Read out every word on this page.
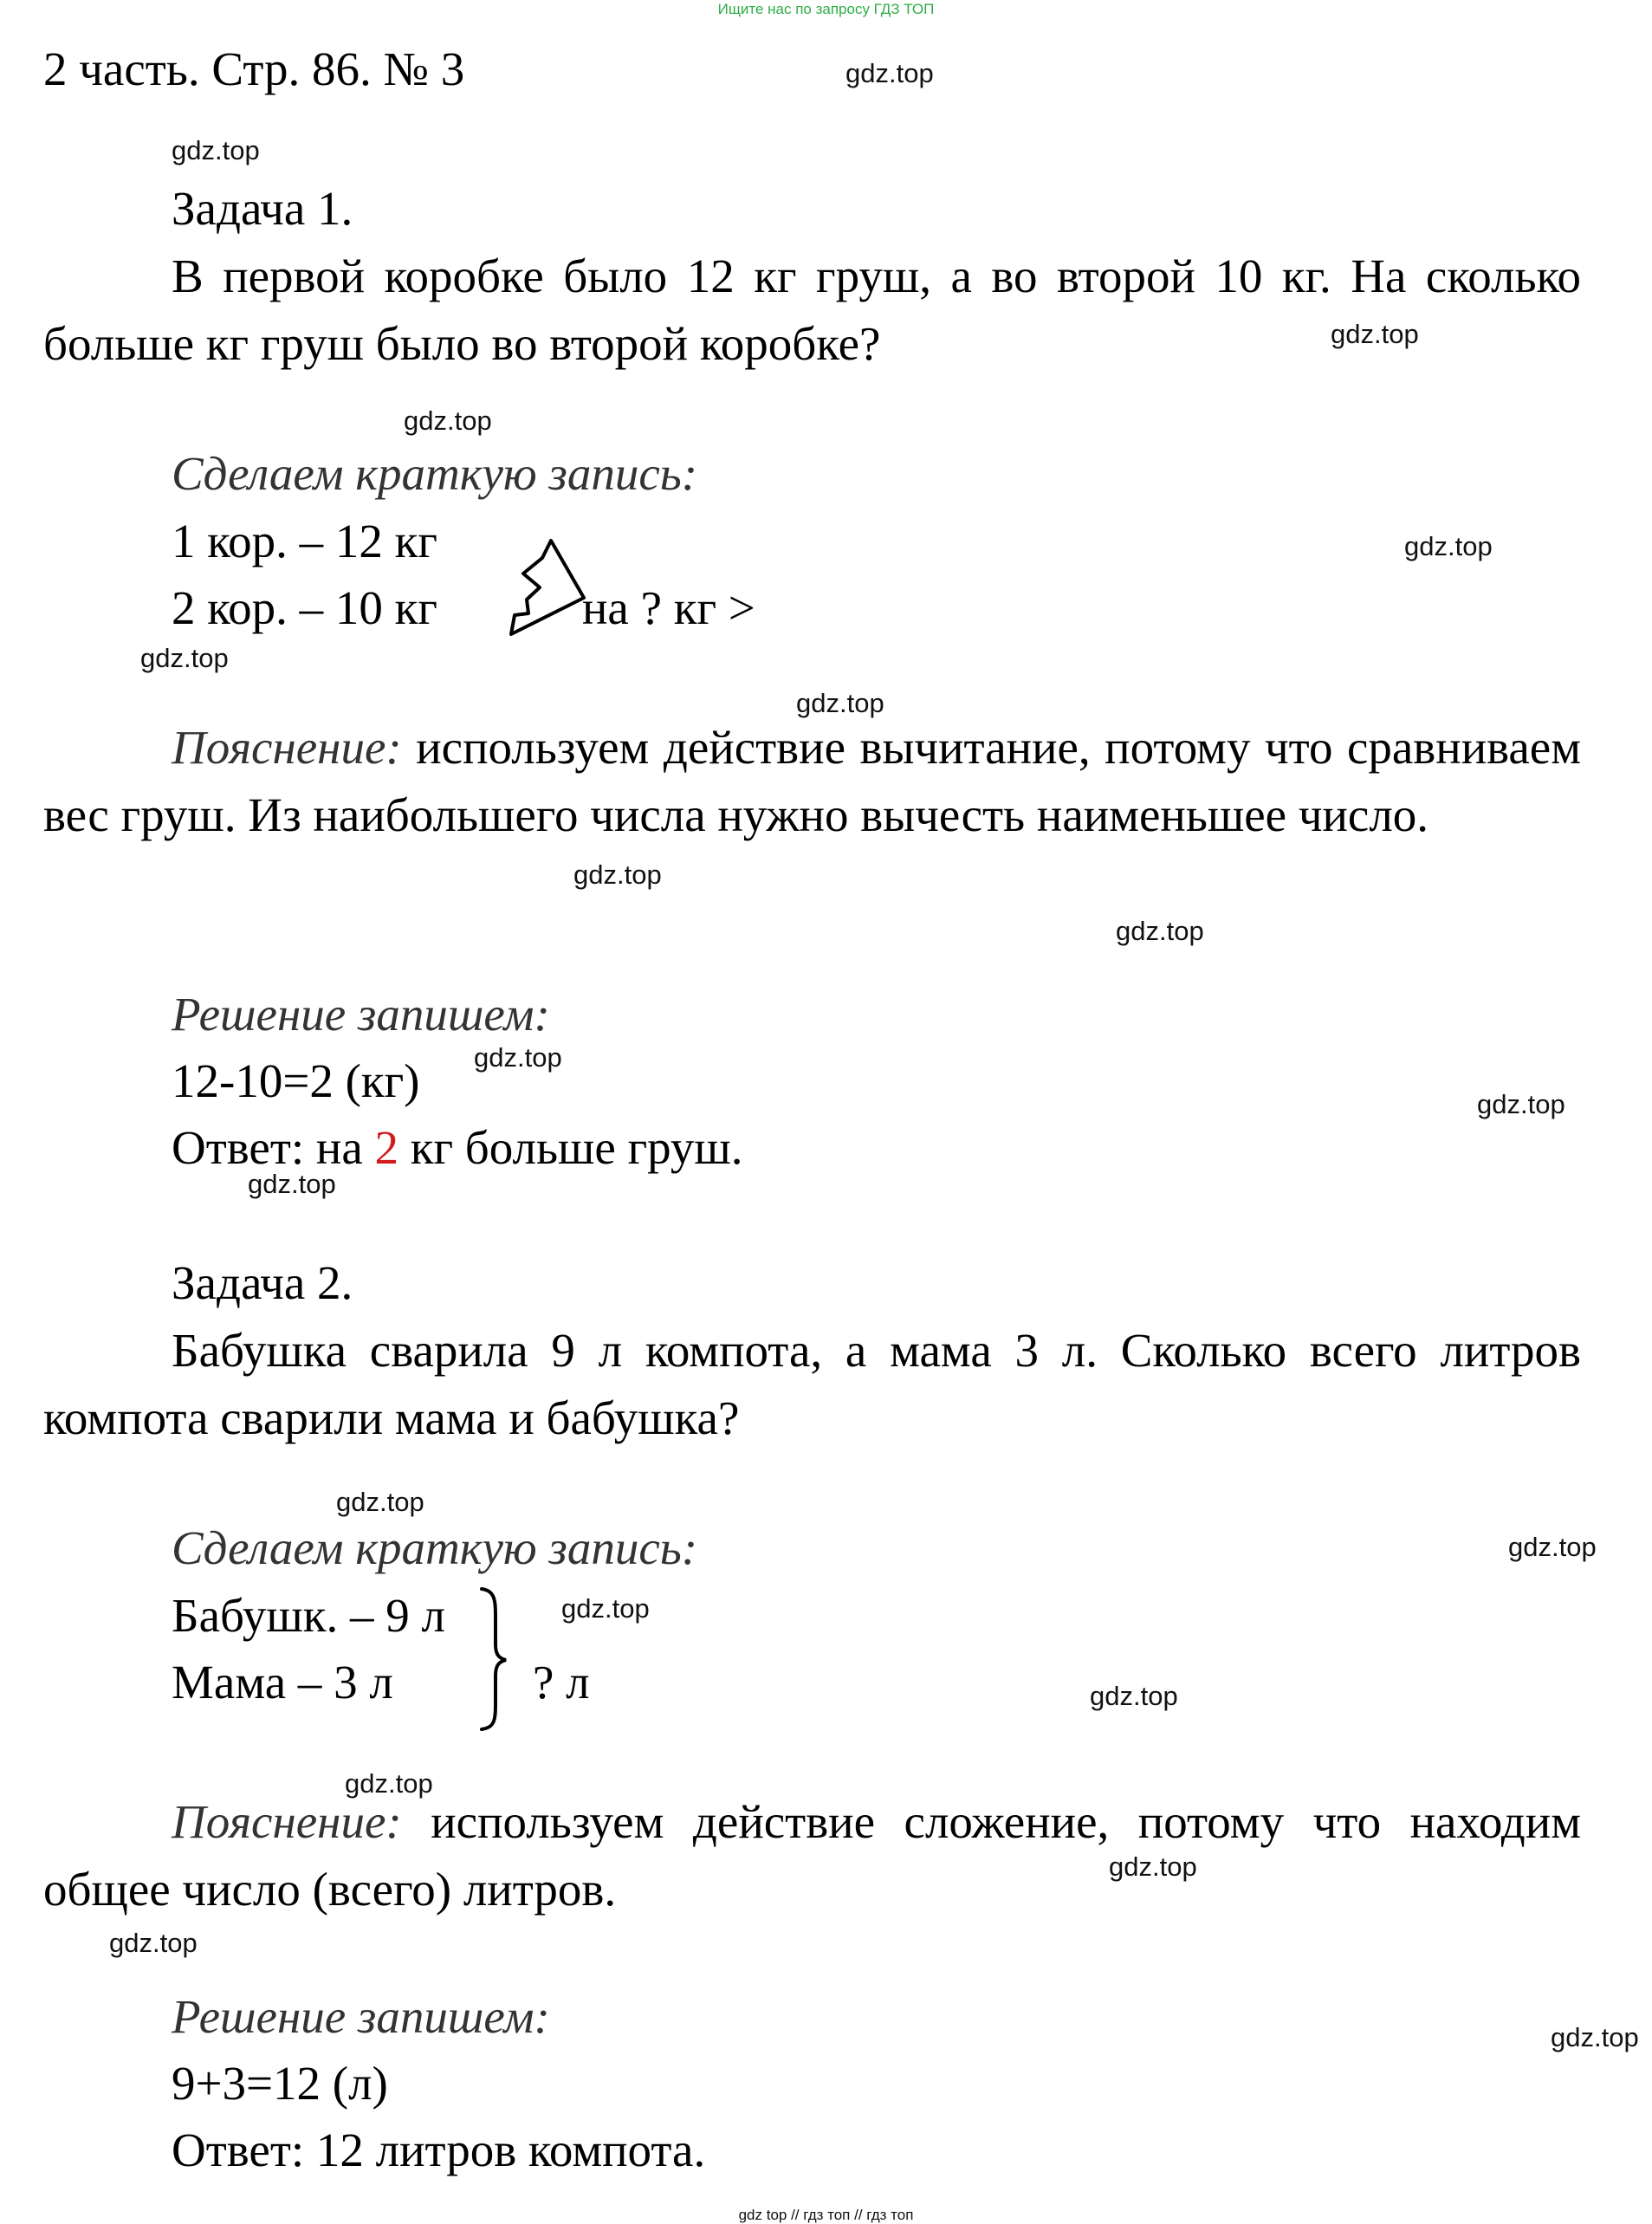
Ищите нас по запросу ГДЗ ТОП
2 часть. Стр. 86. № 3
Задача 1.
В первой коробке было 12 кг груш, а во второй 10 кг. На сколько больше кг груш было во второй коробке?
Сделаем краткую запись:
1 кор. – 12 кг
2 кор. – 10 кг	на ? кг >
Пояснение: используем действие вычитание, потому что сравниваем вес груш. Из наибольшего числа нужно вычесть наименьшее число.
Решение запишем:
12-10=2 (кг)
Ответ: на 2 кг больше груш.
Задача 2.
Бабушка сварила 9 л компота, а мама 3 л. Сколько всего литров компота сварили мама и бабушка?
Сделаем краткую запись:
Бабушк. – 9 л
Мама – 3 л	? л
Пояснение: используем действие сложение, потому что находим общее число (всего) литров.
Решение запишем:
9+3=12 (л)
Ответ: 12 литров компота.
gdz.top
gdz.top
gdz.top
gdz.top
gdz.top
gdz.top
gdz.top
gdz.top
gdz.top
gdz.top
gdz.top
gdz.top
gdz.top
gdz.top
gdz.top
gdz.top
gdz.top
gdz.top
gdz.top
gdz.top
gdz top // гдз топ // гдз топ
